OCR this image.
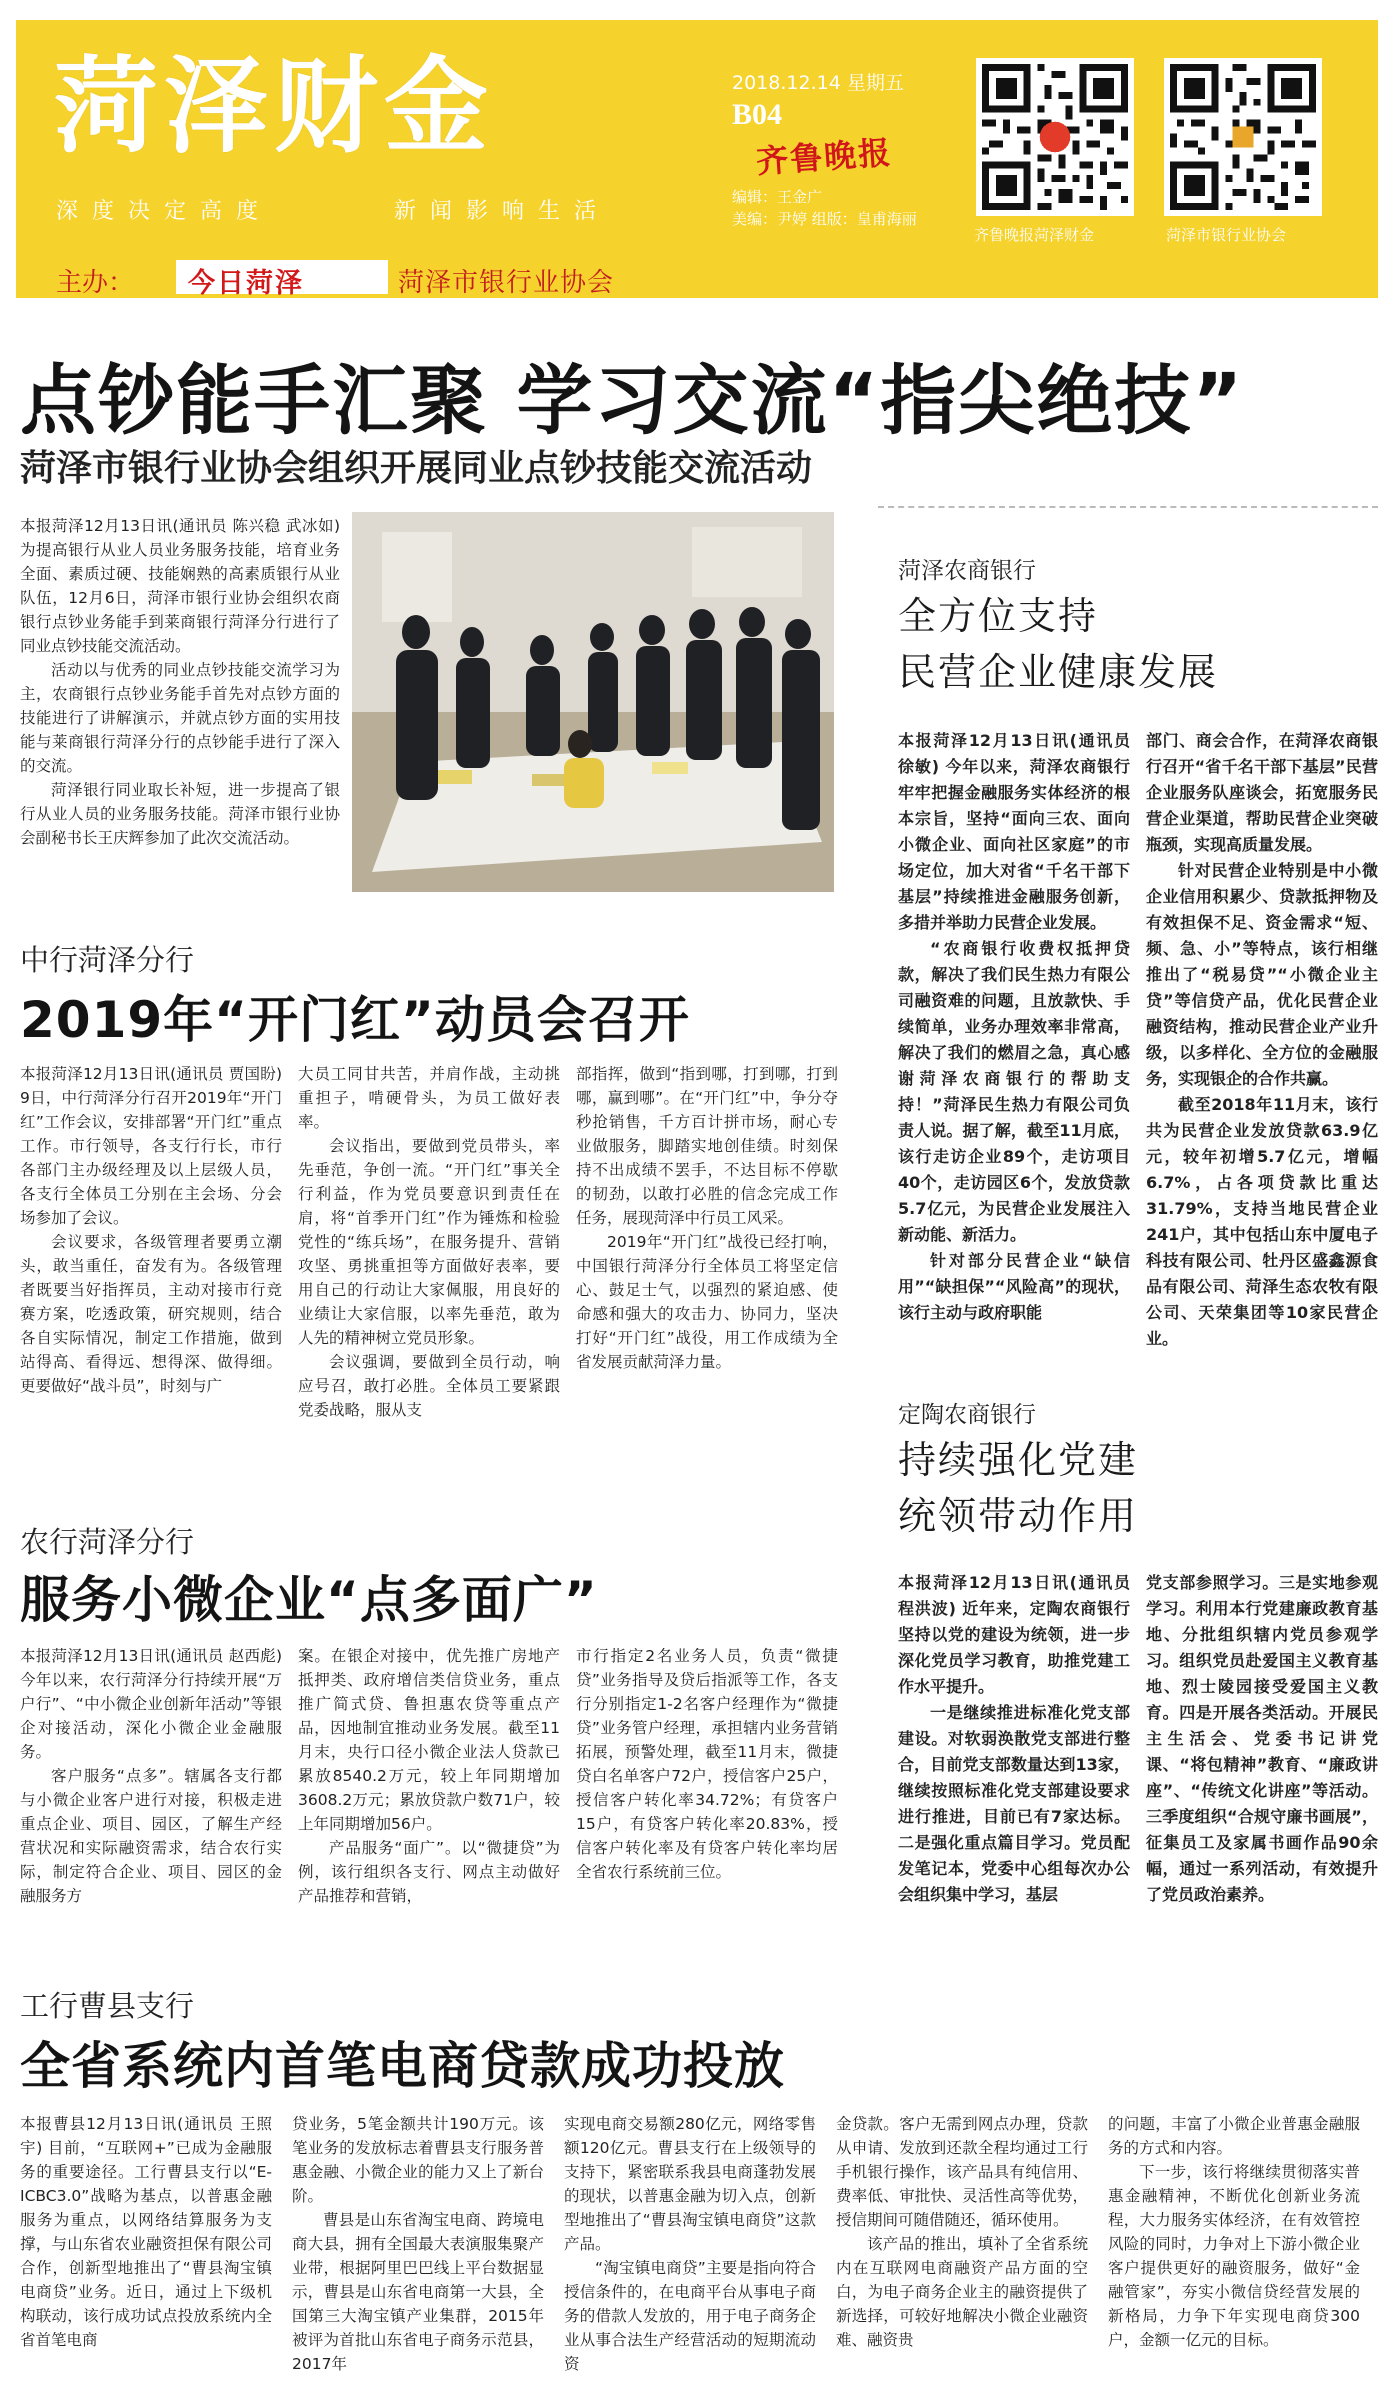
菏泽财金
深度决定高度	新闻影响生活
2018.12.14 星期五
B04
齐鲁晚报
编辑：王金广
美编：尹婷 组版：皇甫海丽
齐鲁晚报菏泽财金	菏泽市银行业协会
主办： 今日菏泽	菏泽市银行业协会
点钞能手汇聚 学习交流“指尖绝技”
菏泽市银行业协会组织开展同业点钞技能交流活动

本报菏泽12月13日讯(通讯员 陈兴稳 武冰如) 为提高银行从业人员业务服务技能，培育业务全面、素质过硬、技能娴熟的高素质银行从业队伍，12月6日，菏泽市银行业协会组织农商银行点钞业务能手到莱商银行菏泽分行进行了同业点钞技能交流活动。

活动以与优秀的同业点钞技能交流学习为主，农商银行点钞业务能手首先对点钞方面的技能进行了讲解演示，并就点钞方面的实用技能与莱商银行菏泽分行的点钞能手进行了深入的交流。

菏泽银行同业取长补短，进一步提高了银行从业人员的业务服务技能。菏泽市银行业协会副秘书长王庆辉参加了此次交流活动。

中行菏泽分行
2019年“开门红”动员会召开

本报菏泽12月13日讯(通讯员 贾国盼) 9日，中行菏泽分行召开2019年“开门红”工作会议，安排部署“开门红”重点工作。市行领导，各支行行长，市行各部门主办级经理及以上层级人员，各支行全体员工分别在主会场、分会场参加了会议。

会议要求，各级管理者要勇立潮头，敢当重任，奋发有为。各级管理者既要当好指挥员，主动对接市行竞赛方案，吃透政策，研究规则，结合各自实际情况，制定工作措施，做到站得高、看得远、想得深、做得细。更要做好“战斗员”，时刻与广

大员工同甘共苦，并肩作战，主动挑重担子，啃硬骨头，为员工做好表率。

会议指出，要做到党员带头，率先垂范，争创一流。“开门红”事关全行利益，作为党员要意识到责任在肩，将“首季开门红”作为锤炼和检验党性的“练兵场”，在服务提升、营销攻坚、勇挑重担等方面做好表率，要用自己的行动让大家佩服，用良好的业绩让大家信服，以率先垂范，敢为人先的精神树立党员形象。

会议强调，要做到全员行动，响应号召，敢打必胜。全体员工要紧跟党委战略，服从支

部指挥，做到“指到哪，打到哪，打到哪，赢到哪”。在“开门红”中，争分夺秒抢销售，千方百计拼市场，耐心专业做服务，脚踏实地创佳绩。时刻保持不出成绩不罢手，不达目标不停歇的韧劲，以敢打必胜的信念完成工作任务，展现菏泽中行员工风采。

2019年“开门红”战役已经打响，中国银行菏泽分行全体员工将坚定信心、鼓足士气，以强烈的紧迫感、使命感和强大的攻击力、协同力，坚决打好“开门红”战役，用工作成绩为全省发展贡献菏泽力量。

农行菏泽分行
服务小微企业“点多面广”

本报菏泽12月13日讯(通讯员 赵西彪) 今年以来，农行菏泽分行持续开展“万户行”、“中小微企业创新年活动”等银企对接活动，深化小微企业金融服务。

客户服务“点多”。辖属各支行都与小微企业客户进行对接，积极走进重点企业、项目、园区，了解生产经营状况和实际融资需求，结合农行实际，制定符合企业、项目、园区的金融服务方

案。在银企对接中，优先推广房地产抵押类、政府增信类信贷业务，重点推广简式贷、鲁担惠农贷等重点产品，因地制宜推动业务发展。截至11月末，央行口径小微企业法人贷款已累放8540.2万元，较上年同期增加3608.2万元；累放贷款户数71户，较上年同期增加56户。

产品服务“面广”。以“微捷贷”为例，该行组织各支行、网点主动做好产品推荐和营销，

市行指定2名业务人员，负责“微捷贷”业务指导及贷后指派等工作，各支行分别指定1-2名客户经理作为“微捷贷”业务管户经理，承担辖内业务营销拓展，预警处理，截至11月末，微捷贷白名单客户72户，授信客户25户，授信客户转化率34.72%；有贷客户15户，有贷客户转化率20.83%，授信客户转化率及有贷客户转化率均居全省农行系统前三位。

工行曹县支行
全省系统内首笔电商贷款成功投放

本报曹县12月13日讯(通讯员 王照宇) 目前，“互联网+”已成为金融服务的重要途径。工行曹县支行以“E-ICBC3.0”战略为基点，以普惠金融服务为重点，以网络结算服务为支撑，与山东省农业融资担保有限公司合作，创新型地推出了“曹县淘宝镇电商贷”业务。近日，通过上下级机构联动，该行成功试点投放系统内全省首笔电商

贷业务，5笔金额共计190万元。该笔业务的发放标志着曹县支行服务普惠金融、小微企业的能力又上了新台阶。

曹县是山东省淘宝电商、跨境电商大县，拥有全国最大表演服集聚产业带，根据阿里巴巴线上平台数据显示，曹县是山东省电商第一大县，全国第三大淘宝镇产业集群，2015年被评为首批山东省电子商务示范县，2017年

实现电商交易额280亿元，网络零售额120亿元。曹县支行在上级领导的支持下，紧密联系我县电商蓬勃发展的现状，以普惠金融为切入点，创新型地推出了“曹县淘宝镇电商贷”这款产品。

“淘宝镇电商贷”主要是指向符合授信条件的，在电商平台从事电子商务的借款人发放的，用于电子商务企业从事合法生产经营活动的短期流动资

金贷款。客户无需到网点办理，贷款从申请、发放到还款全程均通过工行手机银行操作，该产品具有纯信用、费率低、审批快、灵活性高等优势，授信期间可随借随还，循环使用。

该产品的推出，填补了全省系统内在互联网电商融资产品方面的空白，为电子商务企业主的融资提供了新选择，可较好地解决小微企业融资难、融资贵

的问题，丰富了小微企业普惠金融服务的方式和内容。

下一步，该行将继续贯彻落实普惠金融精神，不断优化创新业务流程，大力服务实体经济，在有效管控风险的同时，力争对上下游小微企业客户提供更好的融资服务，做好“金融管家”，夯实小微信贷经营发展的新格局，力争下年实现电商贷300户，金额一亿元的目标。

菏泽农商银行
全方位支持
民营企业健康发展

本报菏泽12月13日讯(通讯员 徐敏) 今年以来，菏泽农商银行牢牢把握金融服务实体经济的根本宗旨，坚持“面向三农、面向小微企业、面向社区家庭”的市场定位，加大对省“千名干部下基层”持续推进金融服务创新，多措并举助力民营企业发展。

“农商银行收费权抵押贷款，解决了我们民生热力有限公司融资难的问题，且放款快、手续简单，业务办理效率非常高，解决了我们的燃眉之急，真心感谢菏泽农商银行的帮助支持！”菏泽民生热力有限公司负责人说。据了解，截至11月底，该行走访企业89个，走访项目40个，走访园区6个，发放贷款5.7亿元，为民营企业发展注入新动能、新活力。

针对部分民营企业“缺信用”“缺担保”“风险高”的现状，该行主动与政府职能

部门、商会合作，在菏泽农商银行召开“省千名干部下基层”民营企业服务队座谈会，拓宽服务民营企业渠道，帮助民营企业突破瓶颈，实现高质量发展。

针对民营企业特别是中小微企业信用积累少、贷款抵押物及有效担保不足、资金需求“短、频、急、小”等特点，该行相继推出了“税易贷”“小微企业主贷”等信贷产品，优化民营企业融资结构，推动民营企业产业升级，以多样化、全方位的金融服务，实现银企的合作共赢。

截至2018年11月末，该行共为民营企业发放贷款63.9亿元，较年初增5.7亿元，增幅6.7%，占各项贷款比重达31.79%，支持当地民营企业241户，其中包括山东中厦电子科技有限公司、牡丹区盛鑫源食品有限公司、菏泽生态农牧有限公司、天荣集团等10家民营企业。

定陶农商银行
持续强化党建
统领带动作用

本报菏泽12月13日讯(通讯员 程洪波) 近年来，定陶农商银行坚持以党的建设为统领，进一步深化党员学习教育，助推党建工作水平提升。

一是继续推进标准化党支部建设。对软弱涣散党支部进行整合，目前党支部数量达到13家，继续按照标准化党支部建设要求进行推进，目前已有7家达标。二是强化重点篇目学习。党员配发笔记本，党委中心组每次办公会组织集中学习，基层

党支部参照学习。三是实地参观学习。利用本行党建廉政教育基地、分批组织辖内党员参观学习。组织党员赴爱国主义教育基地、烈士陵园接受爱国主义教育。四是开展各类活动。开展民主生活会、党委书记讲党课、“将包精神”教育、“廉政讲座”、“传统文化讲座”等活动。三季度组织“合规守廉书画展”，征集员工及家属书画作品90余幅，通过一系列活动，有效提升了党员政治素养。
